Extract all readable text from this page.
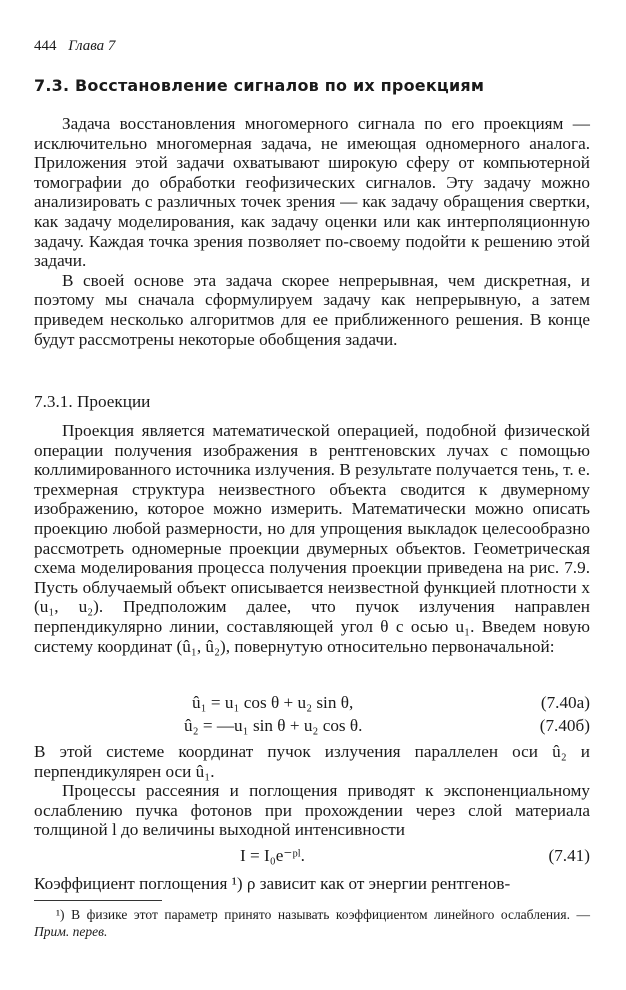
444 Глава 7
7.3. Восстановление сигналов по их проекциям

Задача восстановления многомерного сигнала по его проекциям — исключительно многомерная задача, не имеющая одномерного аналога. Приложения этой задачи охватывают широкую сферу от компьютерной томографии до обработки геофизических сигналов. Эту задачу можно анализировать с различных точек зрения — как задачу обращения свертки, как задачу моделирования, как задачу оценки или как интерполяционную задачу. Каждая точка зрения позволяет по-своему подойти к решению этой задачи.

В своей основе эта задача скорее непрерывная, чем дискретная, и поэтому мы сначала сформулируем задачу как непрерывную, а затем приведем несколько алгоритмов для ее приближенного решения. В конце будут рассмотрены некоторые обобщения задачи.

7.3.1. Проекции

Проекция является математической операцией, подобной физической операции получения изображения в рентгеновских лучах с помощью коллимированного источника излучения. В результате получается тень, т. е. трехмерная структура неизвестного объекта сводится к двумерному изображению, которое можно измерить. Математически можно описать проекцию любой размерности, но для упрощения выкладок целесообразно рассмотреть одномерные проекции двумерных объектов. Геометрическая схема моделирования процесса получения проекции приведена на рис. 7.9. Пусть облучаемый объект описывается неизвестной функцией плотности x (u₁, u₂). Предположим далее, что пучок излучения направлен перпендикулярно линии, составляющей угол θ с осью u₁. Введем новую систему координат (û₁, û₂), повернутую относительно первоначальной:

û₁ = u₁ cos θ + u₂ sin θ,	(7.40а)
û₂ = —u₁ sin θ + u₂ cos θ.	(7.40б)

В этой системе координат пучок излучения параллелен оси û₂ и перпендикулярен оси û₁.

Процессы рассеяния и поглощения приводят к экспоненциальному ослаблению пучка фотонов при прохождении через слой материала толщиной l до величины выходной интенсивности

I = I₀e⁻ᵖˡ.	(7.41)

Коэффициент поглощения ¹) ρ зависит как от энергии рентгенов-

¹) В физике этот параметр принято называть коэффициентом линейного ослабления. — Прим. перев.
